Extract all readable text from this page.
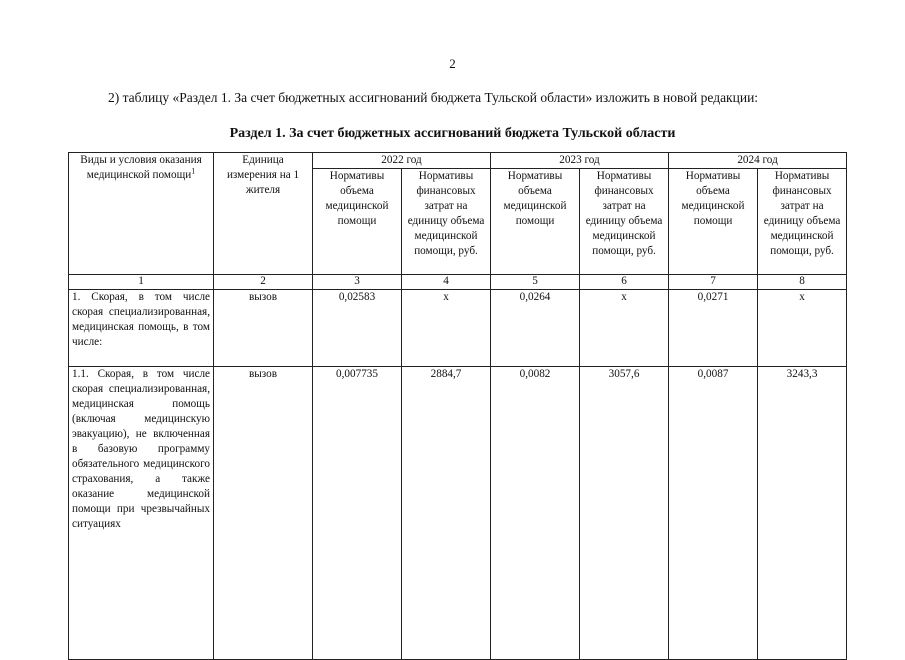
2
2) таблицу «Раздел 1. За счет бюджетных ассигнований бюджета Тульской области» изложить в новой редакции:
Раздел 1. За счет бюджетных ассигнований бюджета Тульской области
Виды и условия оказания медицинской помощи$^1$	Единица измерения на 1 жителя	2022 год		2023 год		2024 год	
		Нормативы объема медицинской помощи	Нормативы финансовых затрат на единицу объема медицинской помощи, руб.	Нормативы объема медицинской помощи	Нормативы финансовых затрат на единицу объема медицинской помощи, руб.	Нормативы объема медицинской помощи	Нормативы финансовых затрат на единицу объема медицинской помощи, руб.
1	2	3	4	5	6	7	8
1. Скорая, в том числе скорая специализированная, медицинская помощь, в том числе:	вызов	0,02583	х	0,0264	х	0,0271	х
1.1. Скорая, в том числе скорая специализированная, медицинская помощь (включая медицинскую эвакуацию), не включенная в базовую программу обязательного медицинского страхования, а также оказание медицинской помощи при чрезвычайных ситуациях	вызов	0,007735	2884,7	0,0082	3057,6	0,0087	3243,3
